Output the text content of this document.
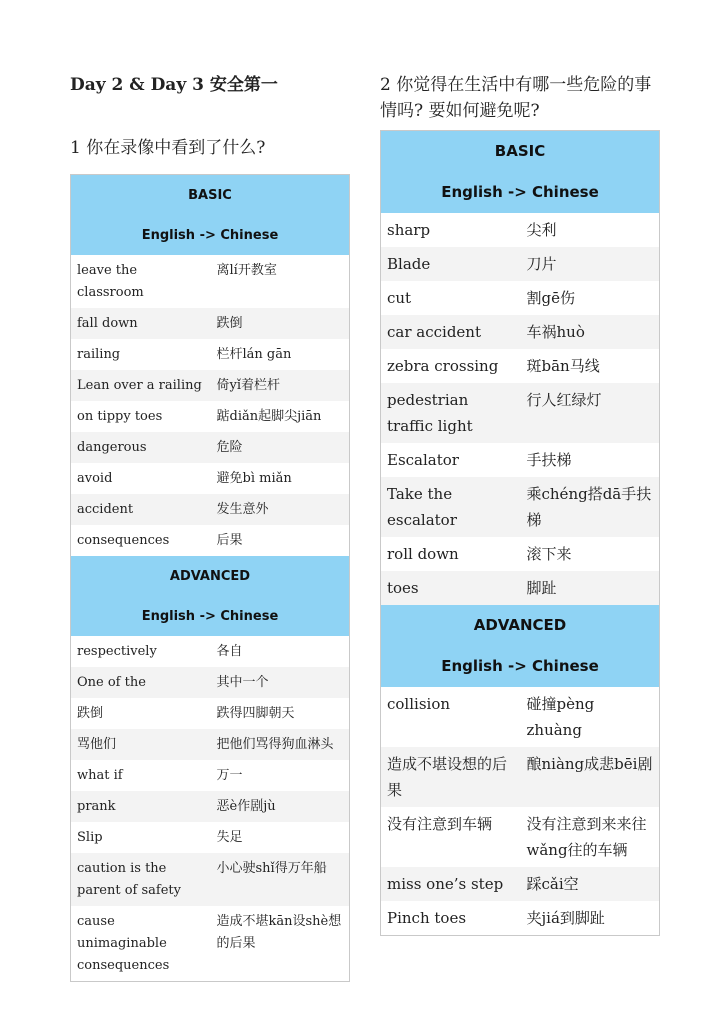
Day 2 & Day 3 安全第一
1 你在录像中看到了什么?
BASIC	
English -> Chinese	
leave the classroom	离lí开教室
fall down	跌倒
railing	栏杆lán gān
Lean over a railing	倚yǐ着栏杆
on tippy toes	踮diǎn起脚尖jiān
dangerous	危险
avoid	避免bì miǎn
accident	发生意外
consequences	后果
ADVANCED	
English -> Chinese	
respectively	各自
One of the	其中一个
跌倒	跌得四脚朝天
骂他们	把他们骂得狗血淋头
what if	万一
prank	恶è作剧jù
Slip	失足
caution is the parent of safety	小心驶shǐ得万年船
cause unimaginable consequences	造成不堪kān设shè想的后果
2 你觉得在生活中有哪一些危险的事情吗? 要如何避免呢?
BASIC	
English -> Chinese	
sharp	尖利
Blade	刀片
cut	割gē伤
car accident	车祸huò
zebra crossing	斑bān马线
pedestrian traffic light	行人红绿灯
Escalator	手扶梯
Take the escalator	乘chéng搭dā手扶梯
roll down	滚下来
toes	脚趾
ADVANCED	
English -> Chinese	
collision	碰撞pèng zhuàng
造成不堪设想的后果	酿niàng成悲bēi剧
没有注意到车辆	没有注意到来来往wǎng往的车辆
miss one’s step	踩cǎi空
Pinch toes	夹jiá到脚趾
